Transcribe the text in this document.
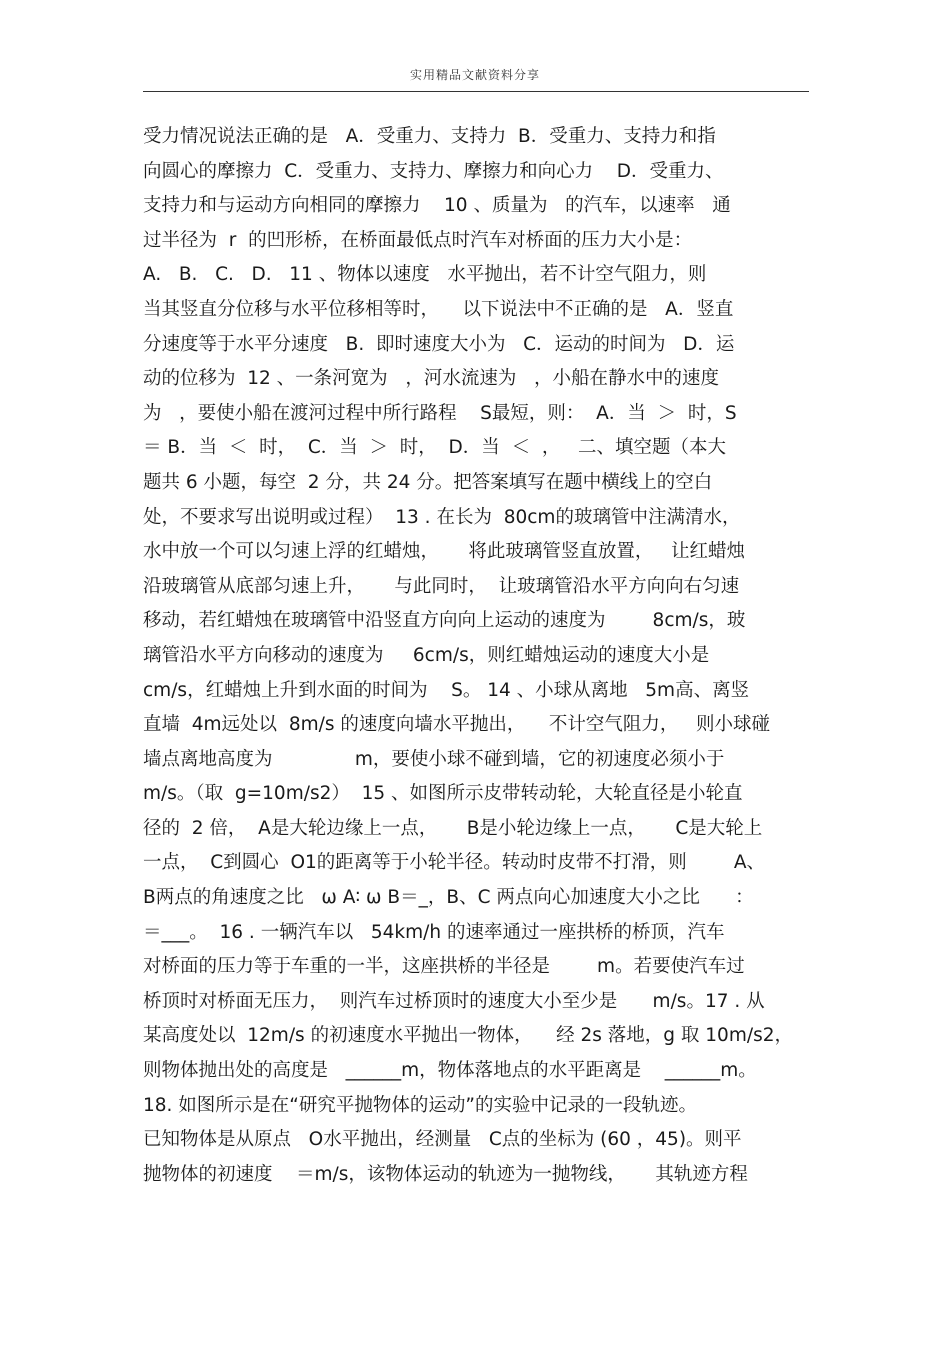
实用精品文献资料分享
受力情况说法正确的是   A．受重力、支持力  B．受重力、支持力和指
向圆心的摩擦力  C．受重力、支持力、摩擦力和向心力    D．受重力、
支持力和与运动方向相同的摩擦力    10 、质量为   的汽车，以速率   通
过半径为  r  的凹形桥，在桥面最低点时汽车对桥面的压力大小是：
A.   B.   C.   D.   11 、物体以速度   水平抛出，若不计空气阻力，则
当其竖直分位移与水平位移相等时，    以下说法中不正确的是   A．竖直
分速度等于水平分速度   B.  即时速度大小为   C．运动的时间为   D．运
动的位移为  12 、一条河宽为   ，河水流速为   ，小船在静水中的速度
为   ，要使小船在渡河过程中所行路程    S最短，则：  A．当  ＞  时，S
＝ B．当  ＜  时，  C．当  ＞  时，  D．当  ＜  ，   二、填空题（本大
题共 6 小题，每空  2 分，共 24 分。把答案填写在题中横线上的空白
处，不要求写出说明或过程）  13 . 在长为  80cm的玻璃管中注满清水，
水中放一个可以匀速上浮的红蜡烛，     将此玻璃管竖直放置，   让红蜡烛
沿玻璃管从底部匀速上升，     与此同时，  让玻璃管沿水平方向向右匀速
移动，若红蜡烛在玻璃管中沿竖直方向向上运动的速度为        8cm/s，玻
璃管沿水平方向移动的速度为     6cm/s，则红蜡烛运动的速度大小是
cm/s，红蜡烛上升到水面的时间为    S。 14 、小球从离地   5m高、离竖
直墙  4m远处以  8m/s 的速度向墙水平抛出，    不计空气阻力，   则小球碰
墙点离地高度为              m，要使小球不碰到墙，它的初速度必须小于
m/s。（取  g=10m/s2）  15 、如图所示皮带转动轮，大轮直径是小轮直
径的  2 倍，  A是大轮边缘上一点，     B是小轮边缘上一点，     C是大轮上
一点，  C到圆心  O1的距离等于小轮半径。转动时皮带不打滑，则        A、
B两点的角速度之比   ω A∶ ω B＝_，B、C 两点向心加速度大小之比      ：
＝___。  16 . 一辆汽车以   54km/h 的速率通过一座拱桥的桥顶，汽车
对桥面的压力等于车重的一半，这座拱桥的半径是        m。若要使汽车过
桥顶时对桥面无压力，  则汽车过桥顶时的速度大小至少是      m/s。17 . 从
某高度处以  12m/s 的初速度水平抛出一物体，    经 2s 落地，g 取 10m/s2，
则物体抛出处的高度是   ______m，物体落地点的水平距离是    ______m。
18. 如图所示是在“研究平抛物体的运动”的实验中记录的一段轨迹。
已知物体是从原点   O水平抛出，经测量   C点的坐标为 (60 ，45)。则平
抛物体的初速度    ＝m/s，该物体运动的轨迹为一抛物线，     其轨迹方程
